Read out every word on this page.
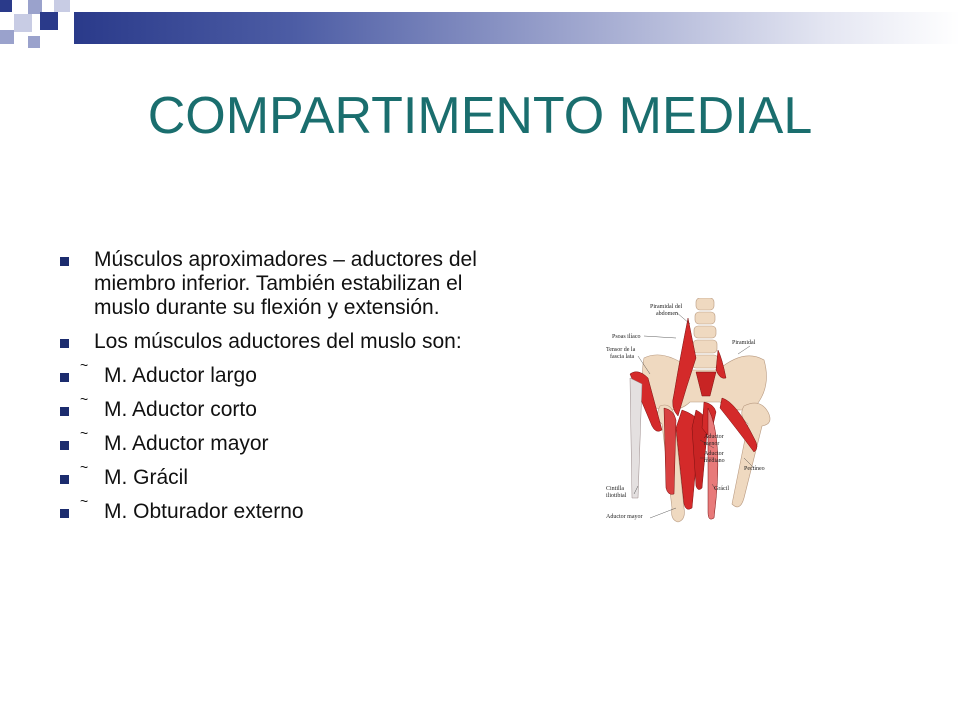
COMPARTIMENTO MEDIAL
Músculos aproximadores – aductores del miembro inferior. También estabilizan el muslo durante su flexión y extensión.
Los músculos aductores del muslo son:
~ M. Aductor largo
~ M. Aductor corto
~ M. Aductor mayor
~ M. Grácil
~ M. Obturador externo
Piramidal del
abdomen
Psoas ilíaco
Piramidal
Tensor de la
fascia lata
Aductor
menor
Aductor
mediano
Pectíneo
Cintilla
iliotibial
Grácil
Aductor mayor
